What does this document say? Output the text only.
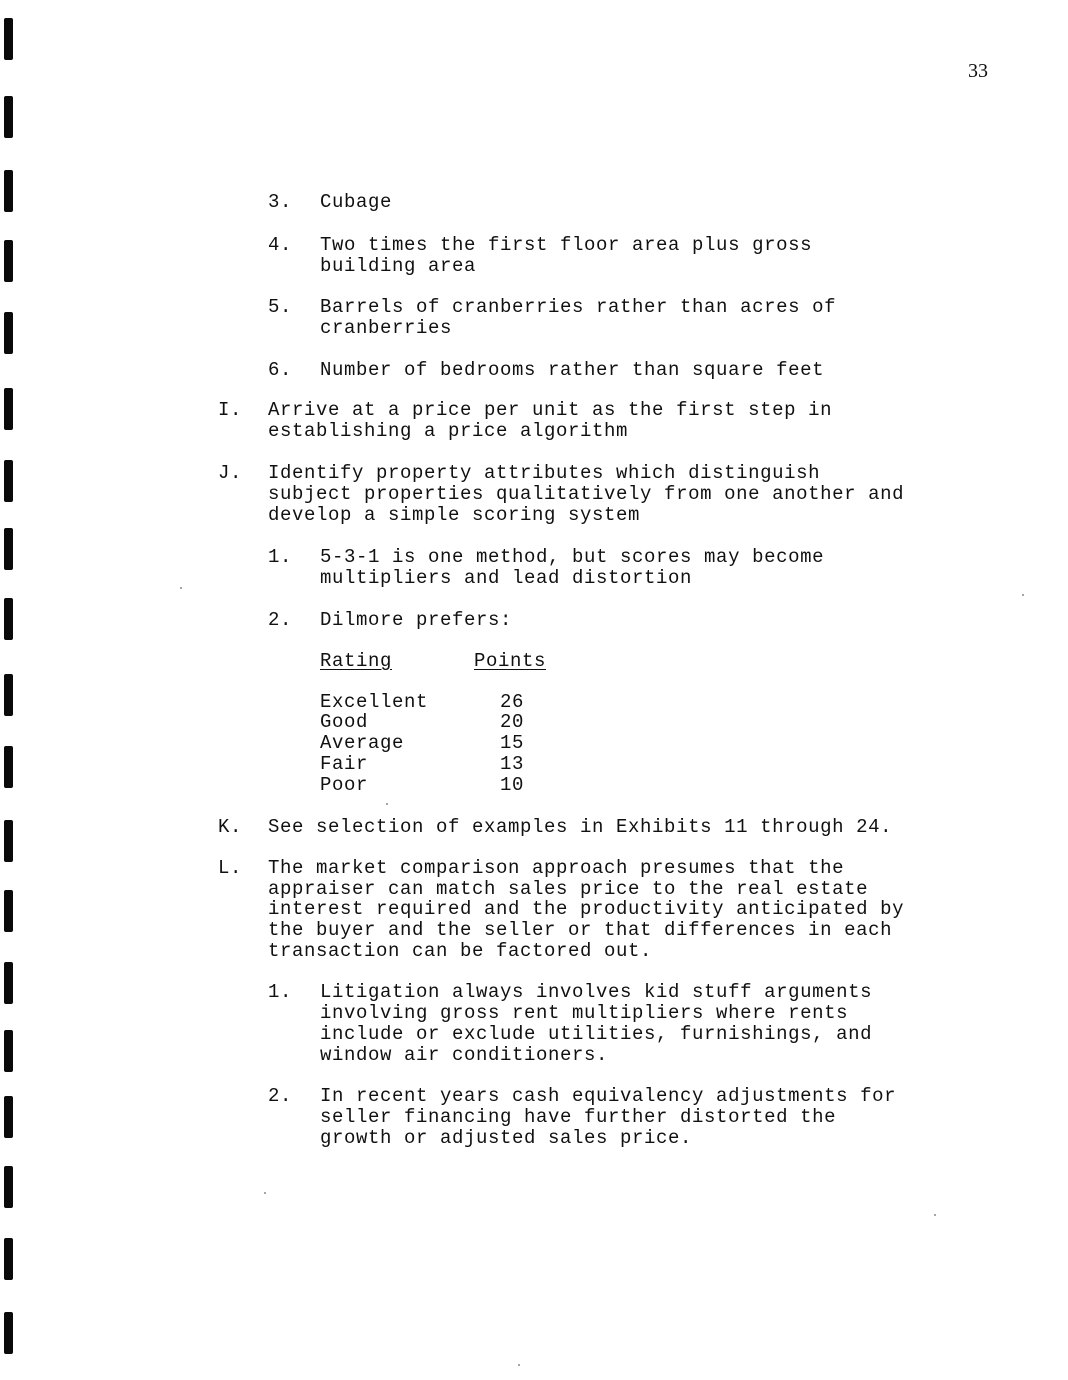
33
3. Cubage
4. Two times the first floor area plus gross
building area
5. Barrels of cranberries rather than acres of
cranberries
6. Number of bedrooms rather than square feet
I. Arrive at a price per unit as the first step in
establishing a price algorithm
J. Identify property attributes which distinguish
subject properties qualitatively from one another and
develop a simple scoring system
1. 5-3-1 is one method, but scores may become
multipliers and lead distortion
2. Dilmore prefers:
Rating	Points
Excellent	26
Good	20
Average	15
Fair	13
Poor	10
K. See selection of examples in Exhibits 11 through 24.
L. The market comparison approach presumes that the
appraiser can match sales price to the real estate
interest required and the productivity anticipated by
the buyer and the seller or that differences in each
transaction can be factored out.
1. Litigation always involves kid stuff arguments
involving gross rent multipliers where rents
include or exclude utilities, furnishings, and
window air conditioners.
2. In recent years cash equivalency adjustments for
seller financing have further distorted the
growth or adjusted sales price.
